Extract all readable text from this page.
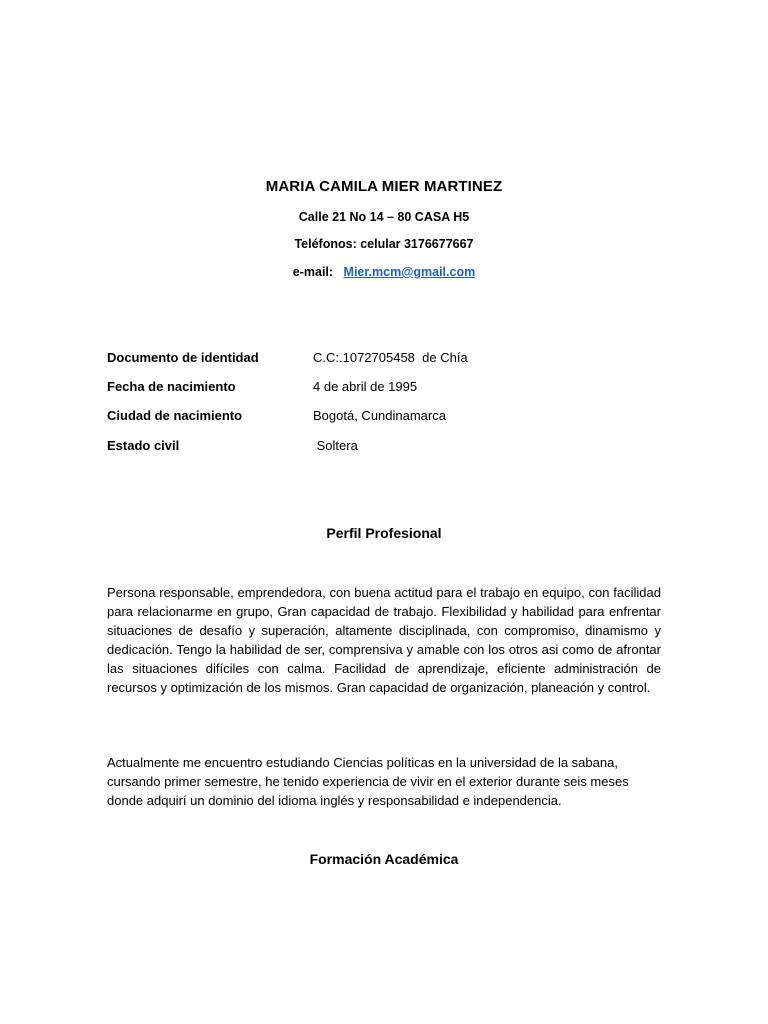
MARIA CAMILA MIER MARTINEZ
Calle 21 No 14 – 80 CASA H5
Teléfonos: celular 3176677667
e-mail: Mier.mcm@gmail.com
Documento de identidad	C.C:.1072705458  de Chía
Fecha de nacimiento	4 de abril de 1995
Ciudad de nacimiento	Bogotá, Cundinamarca
Estado civil	Soltera
Perfil Profesional
Persona responsable, emprendedora, con buena actitud para el trabajo en equipo, con facilidad para relacionarme en grupo, Gran capacidad de trabajo. Flexibilidad y habilidad para enfrentar situaciones de desafío y superación, altamente disciplinada, con compromiso, dinamismo y dedicación. Tengo la habilidad de ser, comprensiva y amable con los otros asi como de afrontar las situaciones difíciles con calma. Facilidad de aprendizaje, eficiente administración de recursos y optimización de los mismos. Gran capacidad de organización, planeación y control.
Actualmente me encuentro estudiando Ciencias políticas en la universidad de la sabana, cursando primer semestre, he tenido experiencia de vivir en el exterior durante seis meses donde adquirí un dominio del idioma inglés y responsabilidad e independencia.
Formación Académica
